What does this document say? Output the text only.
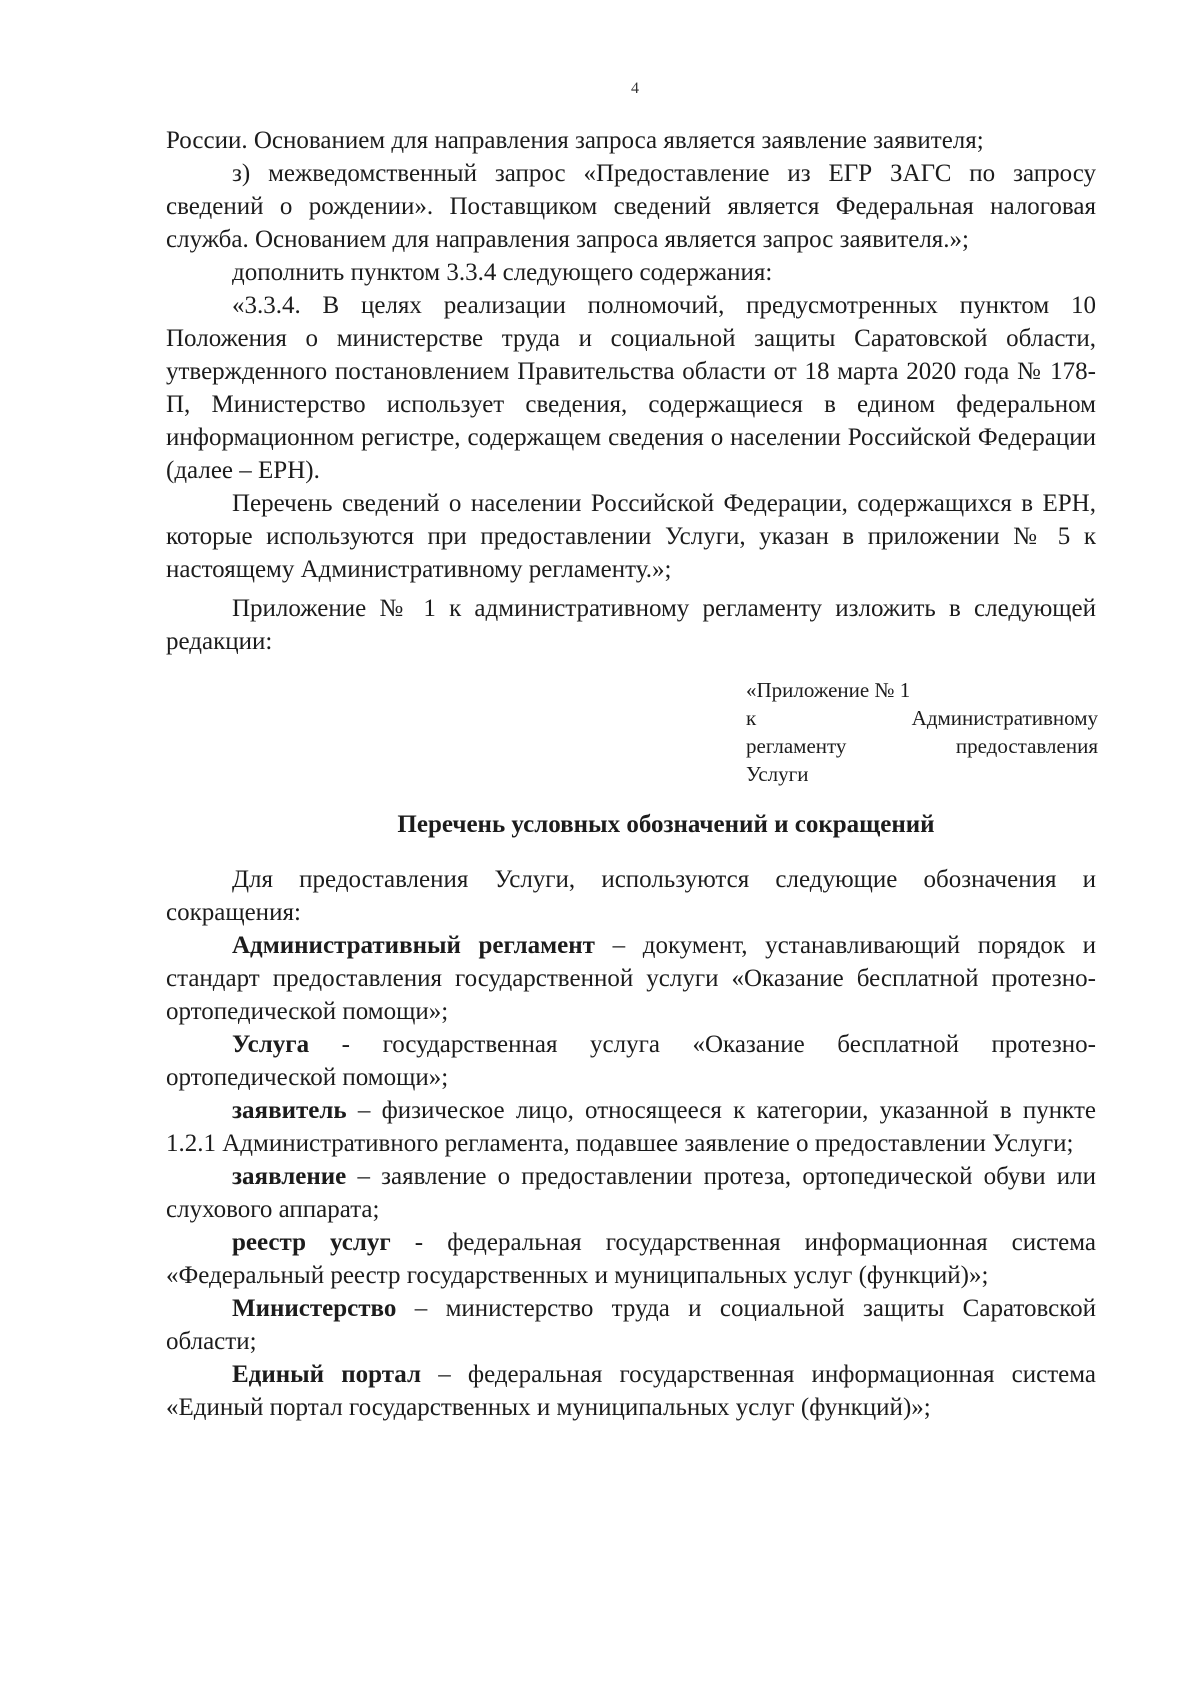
4

России. Основанием для направления запроса является заявление заявителя;

з) межведомственный запрос «Предоставление из ЕГР ЗАГС по запросу сведений о рождении». Поставщиком сведений является Федеральная налоговая служба. Основанием для направления запроса является запрос заявителя.»;

дополнить пунктом 3.3.4 следующего содержания:

«3.3.4. В целях реализации полномочий, предусмотренных пунктом 10 Положения о министерстве труда и социальной защиты Саратовской области, утвержденного постановлением Правительства области от 18 марта 2020 года № 178-П, Министерство использует сведения, содержащиеся в едином федеральном информационном регистре, содержащем сведения о населении Российской Федерации (далее – ЕРН).

Перечень сведений о населении Российской Федерации, содержащихся в ЕРН, которые используются при предоставлении Услуги, указан в приложении № 5 к настоящему Административному регламенту.»;

Приложение № 1 к административному регламенту изложить в следующей редакции:

«Приложение № 1
к Административному
регламенту предоставления
Услуги
Перечень условных обозначений и сокращений

Для предоставления Услуги, используются следующие обозначения и сокращения:

Административный регламент – документ, устанавливающий порядок и стандарт предоставления государственной услуги «Оказание бесплатной протезно-ортопедической помощи»;

Услуга - государственная услуга «Оказание бесплатной протезно-ортопедической помощи»;

заявитель – физическое лицо, относящееся к категории, указанной в пункте 1.2.1 Административного регламента, подавшее заявление о предоставлении Услуги;

заявление – заявление о предоставлении протеза, ортопедической обуви или слухового аппарата;

реестр услуг - федеральная государственная информационная система «Федеральный реестр государственных и муниципальных услуг (функций)»;

Министерство – министерство труда и социальной защиты Саратовской области;

Единый портал – федеральная государственная информационная система «Единый портал государственных и муниципальных услуг (функций)»;
